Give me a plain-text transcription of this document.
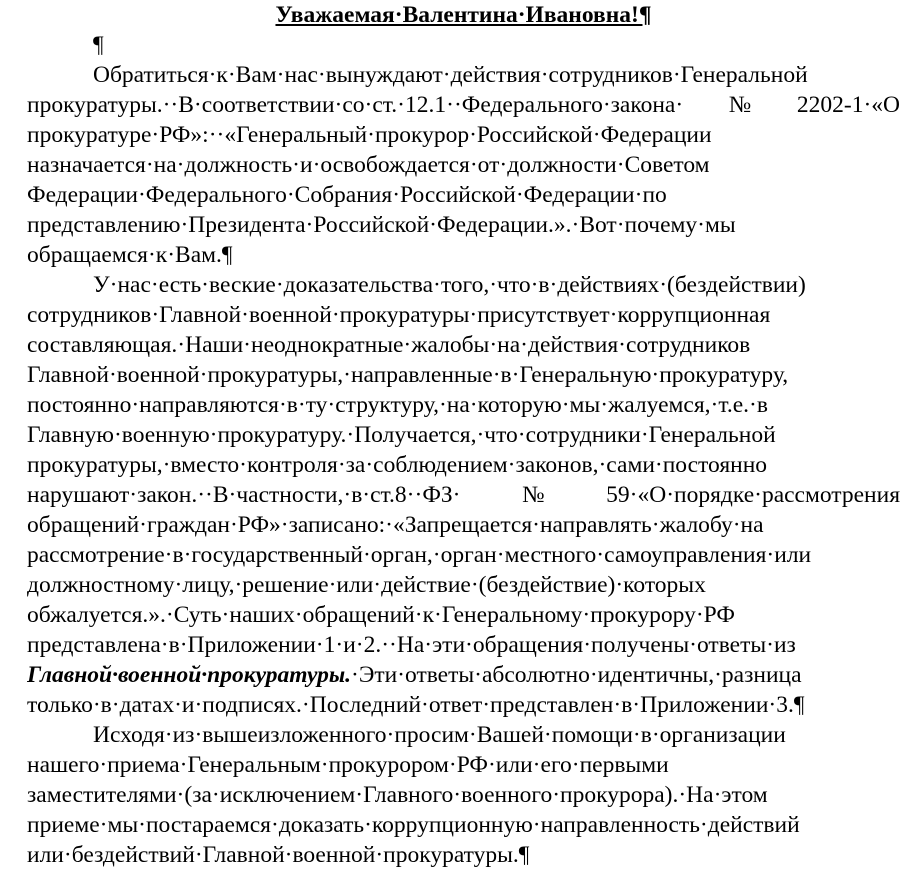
Уважаемая·Валентина·Ивановна!¶
¶
Обратиться·к·Вам·нас·вынуждают·действия·сотрудников·Генеральной
прокуратуры.··В·соответствии·со·ст.·12.1··Федерального·закона·№2202-1·«О
прокуратуре·РФ»:··«Генеральный·прокурор·Российской·Федерации
назначается·на·должность·и·освобождается·от·должности·Советом
Федерации·Федерального·Собрания·Российской·Федерации·по
представлению·Президента·Российской·Федерации.».·Вот·почему·мы
обращаемся·к·Вам.¶
У·нас·есть·веские·доказательства·того,·что·в·действиях·(бездействии)
сотрудников·Главной·военной·прокуратуры·присутствует·коррупционная
составляющая.·Наши·неоднократные·жалобы·на·действия·сотрудников
Главной·военной·прокуратуры,·направленные·в·Генеральную·прокуратуру,
постоянно·направляются·в·ту·структуру,·на·которую·мы·жалуемся,·т.е.·в
Главную·военную·прокуратуру.·Получается,·что·сотрудники·Генеральной
прокуратуры,·вместо·контроля·за·соблюдением·законов,·сами·постоянно
нарушают·закон.··В·частности,·в·ст.8··ФЗ·№59·«О·порядке·рассмотрения
обращений·граждан·РФ»·записано:·«Запрещается·направлять·жалобу·на
рассмотрение·в·государственный·орган,·орган·местного·самоуправления·или
должностному·лицу,·решение·или·действие·(бездействие)·которых
обжалуется.».·Суть·наших·обращений·к·Генеральному·прокурору·РФ
представлена·в·Приложении·1·и·2.··На·эти·обращения·получены·ответы·из
Главной·военной·прокуратуры.·Эти·ответы·абсолютно·идентичны,·разница
только·в·датах·и·подписях.·Последний·ответ·представлен·в·Приложении·3.¶
Исходя·из·вышеизложенного·просим·Вашей·помощи·в·организации
нашего·приема·Генеральным·прокурором·РФ·или·его·первыми
заместителями·(за·исключением·Главного·военного·прокурора).·На·этом
приеме·мы·постараемся·доказать·коррупционную·направленность·действий
или·бездействий·Главной·военной·прокуратуры.¶
